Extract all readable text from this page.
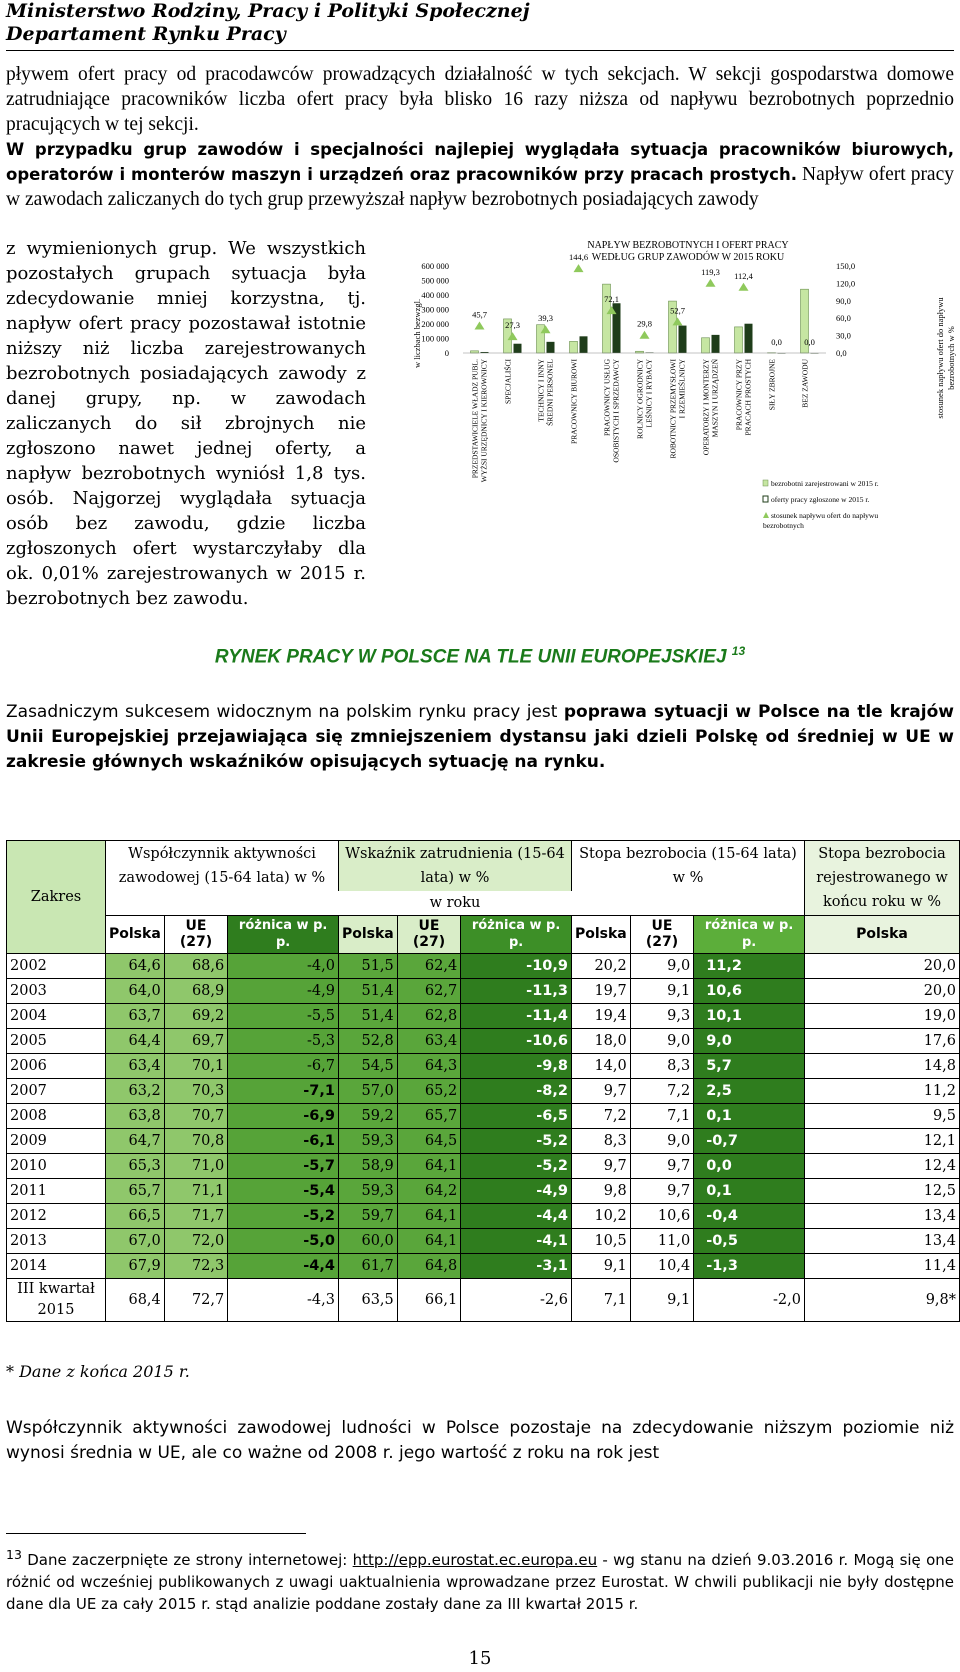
Ministerstwo Rodziny, Pracy i Polityki Społecznej
Departament Rynku Pracy
pływem ofert pracy od pracodawców prowadzących działalność w tych sekcjach. W sekcji gospodarstwa domowe zatrudniające pracowników liczba ofert pracy była blisko 16 razy niższa od napływu bezrobotnych poprzednio pracujących w tej sekcji.
W przypadku grup zawodów i specjalności najlepiej wyglądała sytuacja pracowników biurowych, operatorów i monterów maszyn i urządzeń oraz pracowników przy pracach prostych. Napływ ofert pracy w zawodach zaliczanych do tych grup przewyższał napływ bezrobotnych posiadających zawody
z wymienionych grup. We wszystkich pozostałych grupach sytuacja była zdecydowanie mniej korzystna, tj. napływ ofert pracy pozostawał istotnie niższy niż liczba zarejestrowanych bezrobotnych posiadających zawody z danej grupy, np. w zawodach zaliczanych do sił zbrojnych nie zgłoszono nawet jednej oferty, a napływ bezrobotnych wyniósł 1,8 tys. osób. Najgorzej wyglądała sytuacja osób bez zawodu, gdzie liczba zgłoszonych ofert wystarczyłaby dla ok. 0,01% zarejestrowanych w 2015 r. bezrobotnych bez zawodu.
NAPŁYW BEZROBOTNYCH I OFERT PRACY
WEDŁUG GRUP ZAWODÓW W 2015 ROKU
w liczbach bezwzgl.	stosunek napływu ofert do napływubezrobotnych w %
600 000
500 000
400 000
300 000
200 000
100 000
0
150,0
120,0
90,0
60,0
30,0
0,0
45,7
27,3
39,3
144,6
72,1
29,8
52,7
119,3 112,4
0,0	0,0
PRZEDSTAWICIELE WŁADZ PUBL.WYŻSI URZĘDNICY I KIEROWNICY SPECJALIŚCI	TECHNICY I INNYŚREDNI PERSONEL PRACOWNICY BIUROWI	PRACOWNICY USŁUGOSOBISTYCH I SPRZEDAWCY ROLNICY OGRODNICYLEŚNICY I RYBACY ROBOTNICY PRZEMYSŁOWII RZEMIEŚLNICY OPERATORZY I MONTERZYMASZYN I URZĄDZEŃ PRACOWNICY PRZYPRACACH PROSTYCH SIŁY ZBROJNE	BEZ ZAWODU
bezrobotni zarejestrowani w 2015 r.
oferty pracy zgłoszone w 2015 r.
stosunek napływu ofert do napływu bezrobotnych
RYNEK PRACY W POLSCE NA TLE UNII EUROPEJSKIEJ $^{13}$
Zasadniczym sukcesem widocznym na polskim rynku pracy jest poprawa sytuacji w Polsce na tle krajów Unii Europejskiej przejawiająca się zmniejszeniem dystansu jaki dzieli Polskę od średniej w UE w zakresie głównych wskaźników opisujących sytuację na rynku.
Zakres	Współczynnik aktywności zawodowej (15-64 lata) w %			Wskaźnik zatrudnienia (15-64 lata) w %			Stopa bezrobocia (15-64 lata) w %			Stopa bezrobocia rejestrowanego w końcu roku w %
	w roku									
	Polska	UE (27)	różnica w p. p.	Polska	UE (27)	różnica w p. p.	Polska	UE (27)	różnica w p. p.	Polska
2002	64,6	68,6	-4,0	51,5	62,4	-10,9	20,2	9,0	11,2	20,0
2003	64,0	68,9	-4,9	51,4	62,7	-11,3	19,7	9,1	10,6	20,0
2004	63,7	69,2	-5,5	51,4	62,8	-11,4	19,4	9,3	10,1	19,0
2005	64,4	69,7	-5,3	52,8	63,4	-10,6	18,0	9,0	9,0	17,6
2006	63,4	70,1	-6,7	54,5	64,3	-9,8	14,0	8,3	5,7	14,8
2007	63,2	70,3	-7,1	57,0	65,2	-8,2	9,7	7,2	2,5	11,2
2008	63,8	70,7	-6,9	59,2	65,7	-6,5	7,2	7,1	0,1	9,5
2009	64,7	70,8	-6,1	59,3	64,5	-5,2	8,3	9,0	-0,7	12,1
2010	65,3	71,0	-5,7	58,9	64,1	-5,2	9,7	9,7	0,0	12,4
2011	65,7	71,1	-5,4	59,3	64,2	-4,9	9,8	9,7	0,1	12,5
2012	66,5	71,7	-5,2	59,7	64,1	-4,4	10,2	10,6	-0,4	13,4
2013	67,0	72,0	-5,0	60,0	64,1	-4,1	10,5	11,0	-0,5	13,4
2014	67,9	72,3	-4,4	61,7	64,8	-3,1	9,1	10,4	-1,3	11,4
III kwartał 2015	68,4	72,7	-4,3	63,5	66,1	-2,6	7,1	9,1	-2,0	9,8*
* Dane z końca 2015 r.
Współczynnik aktywności zawodowej ludności w Polsce pozostaje na zdecydowanie niższym poziomie niż wynosi średnia w UE, ale co ważne od 2008 r. jego wartość z roku na rok jest
$^{13}$ Dane zaczerpnięte ze strony internetowej: http://epp.eurostat.ec.europa.eu - wg stanu na dzień 9.03.2016 r. Mogą się one różnić od wcześniej publikowanych z uwagi uaktualnienia wprowadzane przez Eurostat. W chwili publikacji nie były dostępne dane dla UE za cały 2015 r. stąd analizie poddane zostały dane za III kwartał 2015 r.
15
